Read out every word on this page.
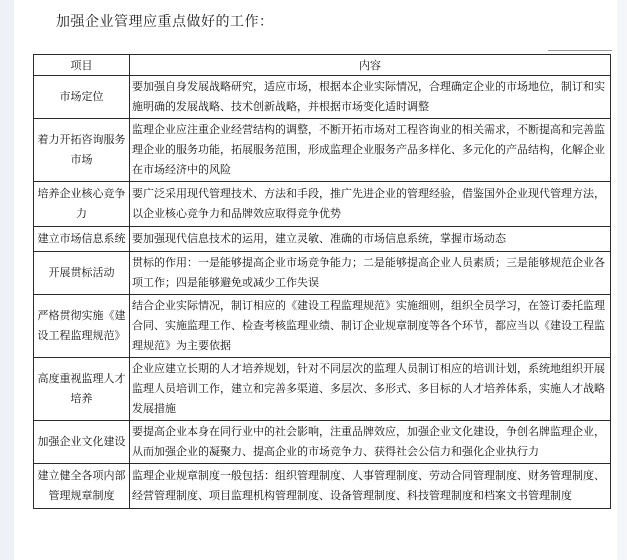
加强企业管理应重点做好的工作：
项目	内容
市场定位	要加强自身发展战略研究，适应市场，根据本企业实际情况，合理确定企业的市场地位，制订和实施明确的发展战略、技术创新战略，并根据市场变化适时调整
着力开拓咨询服务市场	监理企业应注重企业经营结构的调整，不断开拓市场对工程咨询业的相关需求，不断提高和完善监理企业的服务功能，拓展服务范围，形成监理企业服务产品多样化、多元化的产品结构，化解企业在市场经济中的风险
培养企业核心竞争力	要广泛采用现代管理技术、方法和手段，推广先进企业的管理经验，借鉴国外企业现代管理方法，以企业核心竞争力和品牌效应取得竞争优势
建立市场信息系统	要加强现代信息技术的运用，建立灵敏、准确的市场信息系统，掌握市场动态
开展贯标活动	贯标的作用：一是能够提高企业市场竞争能力；二是能够提高企业人员素质；三是能够规范企业各项工作；四是能够避免或减少工作失误
严格贯彻实施《建设工程监理规范》	结合企业实际情况，制订相应的《建设工程监理规范》实施细则，组织全员学习，在签订委托监理合同、实施监理工作、检查考核监理业绩、制订企业规章制度等各个环节，都应当以《建设工程监理规范》为主要依据
高度重视监理人才培养	企业应建立长期的人才培养规划，针对不同层次的监理人员制订相应的培训计划，系统地组织开展监理人员培训工作，建立和完善多渠道、多层次、多形式、多目标的人才培养体系，实施人才战略发展措施
加强企业文化建设	要提高企业本身在同行业中的社会影响，注重品牌效应，加强企业文化建设，争创名牌监理企业，从而加强企业的凝聚力、提高企业的市场竞争力、获得社会公信力和强化企业执行力
建立健全各项内部管理规章制度	监理企业规章制度一般包括：组织管理制度、人事管理制度、劳动合同管理制度、财务管理制度、经营管理制度、项目监理机构管理制度、设备管理制度、科技管理制度和档案文书管理制度
